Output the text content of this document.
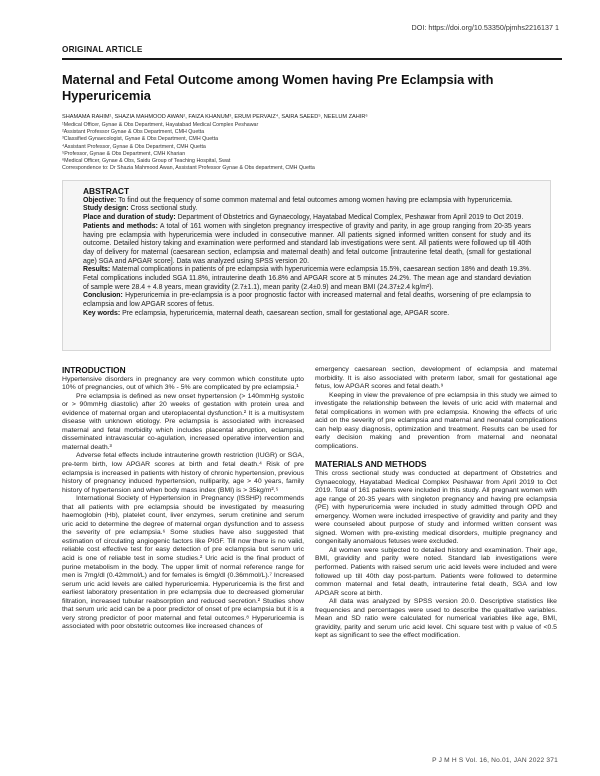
DOI: https://doi.org/10.53350/pjmhs2216137 1
ORIGINAL ARTICLE
Maternal and Fetal Outcome among Women having Pre Eclampsia with Hyperuricemia
SHAMAMA RAHIM¹, SHAZIA MAHMOOD AWAN², FAIZA KHANUM³, ERUM PERVAIZ⁴, SAIRA SAEED⁵, NEELUM ZAHIR⁶
¹Medical Officer, Gynae & Obs Department, Hayatabad Medical Complex Peshawar
²Assistant Professor Gynae & Obs Department, CMH Quetta
³Classified Gynaecologist, Gynae & Obs Department, CMH Quetta
⁴Assistant Professor, Gynae & Obs Department, CMH Quetta
⁵Professor, Gynae & Obs Department, CMH Kharian
⁶Medical Officer, Gynae & Obs, Saidu Group of Teaching Hospital, Swat
Correspondence to: Dr Shazia Mahmood Awan, Assistant Professor Gynae & Obs department, CMH Quetta
ABSTRACT

Objective: To find out the frequency of some common maternal and fetal outcomes among women having pre eclampsia with hyperuricemia.

Study design: Cross sectional study.

Place and duration of study: Department of Obstetrics and Gynaecology, Hayatabad Medical Complex, Peshawar from April 2019 to Oct 2019.

Patients and methods: A total of 161 women with singleton pregnancy irrespective of gravity and parity, in age group ranging from 20-35 years having pre eclampsia with hyperuricemia were included in consecutive manner. All patients signed informed written consent for study and its outcome. Detailed history taking and examination were performed and standard lab investigations were sent. All patients were followed up till 40th day of delivery for maternal (caesarean section, eclampsia and maternal death) and fetal outcome [intrauterine fetal death, (small for gestational age) SGA and APGAR score]. Data was analyzed using SPSS version 20.

Results: Maternal complications in patients of pre eclampsia with hyperuricemia were eclampsia 15.5%, caesarean section 18% and death 19.3%. Fetal complications included SGA 11.8%, intrauterine death 16.8% and APGAR score at 5 minutes 24.2%. The mean age and standard deviation of sample were 28.4 + 4.8 years, mean gravidity (2.7±1.1), mean parity (2.4±0.9) and mean BMI (24.37±2.4 kg/m²).

Conclusion: Hyperuricemia in pre-eclampsia is a poor prognostic factor with increased maternal and fetal deaths, worsening of pre eclampsia to eclampsia and low APGAR scores of fetus.

Key words: Pre eclampsia, hyperuricemia, maternal death, caesarean section, small for gestational age, APGAR score.

INTRODUCTION

Hypertensive disorders in pregnancy are very common which constitute upto 10% of pregnancies, out of which 3% - 5% are complicated by pre eclampsia.¹

Pre eclampsia is defined as new onset hypertension (> 140mmHg systolic or > 90mmHg diastolic) after 20 weeks of gestation with protein urea and evidence of maternal organ and uteroplacental dysfunction.² It is a multisystem disease with unknown etiology. Pre eclampsia is associated with increased maternal and fetal morbidity which includes placental abruption, eclampsia, disseminated intravascular co-agulation, increased operative intervention and maternal death.³

Adverse fetal effects include intrauterine growth restriction (IUGR) or SGA, pre-term birth, low APGAR scores at birth and fetal death.⁴ Risk of pre eclampsia is increased in patients with history of chronic hypertension, previous history of pregnancy induced hypertension, nulliparity, age > 40 years, family history of hypertension and when body mass index (BMI) is > 35kg/m².⁵

International Society of Hypertension in Pregnancy (ISSHP) recommends that all patients with pre eclampsia should be investigated by measuring haemoglobin (Hb), platelet count, liver enzymes, serum cretinine and serum uric acid to determine the degree of maternal organ dysfunction and to assess the severity of pre eclampsia.⁶ Some studies have also suggested that estimation of circulating angiogenic factors like PIGF. Till now there is no valid, reliable cost effective test for easy detection of pre eclampsia but serum uric acid is one of reliable test in some studies.² Uric acid is the final product of purine metabolism in the body. The upper limit of normal reference range for men is 7mg/dl (0.42mmol/L) and for females is 6mg/dl (0.36mmol/L).⁷ Increased serum uric acid levels are called hyperuricemia. Hyperuricemia is the first and earliest laboratory presentation in pre eclampsia due to decreased glomerular filtration, increased tubular reabsorption and reduced secretion.² Studies show that serum uric acid can be a poor predictor of onset of pre eclampsia but it is a very strong predictor of poor maternal and fetal outcomes.⁸ Hyperuricemia is associated with poor obstetric outcomes like increased chances of

emergency caesarean section, development of eclampsia and maternal morbidity. It is also associated with preterm labor, small for gestational age fetus, low APGAR scores and fetal death.⁹

Keeping in view the prevalence of pre eclampsia in this study we aimed to investigate the relationship between the levels of uric acid with maternal and fetal complications in women with pre eclampsia. Knowing the effects of uric acid on the severity of pre eclampsia and maternal and neonatal complications can help easy diagnosis, optimization and treatment. Results can be used for early decision making and prevention from maternal and neonatal complications.

MATERIALS AND METHODS

This cross sectional study was conducted at department of Obstetrics and Gynaecology, Hayatabad Medical Complex Peshawar from April 2019 to Oct 2019. Total of 161 patients were included in this study. All pregnant women with age range of 20-35 years with singleton pregnancy and having pre eclampsia (PE) with hyperuricemia were included in study admitted through OPD and emergency. Women were included irrespective of gravidity and parity and they were counseled about purpose of study and informed written consent was signed. Women with pre-existing medical disorders, multiple pregnancy and congenitally anomalous fetuses were excluded.

All women were subjected to detailed history and examination. Their age, BMI, gravidity and parity were noted. Standard lab investigations were performed. Patients with raised serum uric acid levels were included and were followed up till 40th day post-partum. Patients were followed to determine common maternal and fetal death, intrauterine fetal death, SGA and low APGAR score at birth.

All data was analyzed by SPSS version 20.0. Descriptive statistics like frequencies and percentages were used to describe the qualitative variables. Mean and SD ratio were calculated for numerical variables like age, BMI, gravidity, parity and serum uric acid level. Chi square test with p value of <0.5 kept as significant to see the effect modification.

P J M H S Vol. 16, No.01, JAN 2022 371
